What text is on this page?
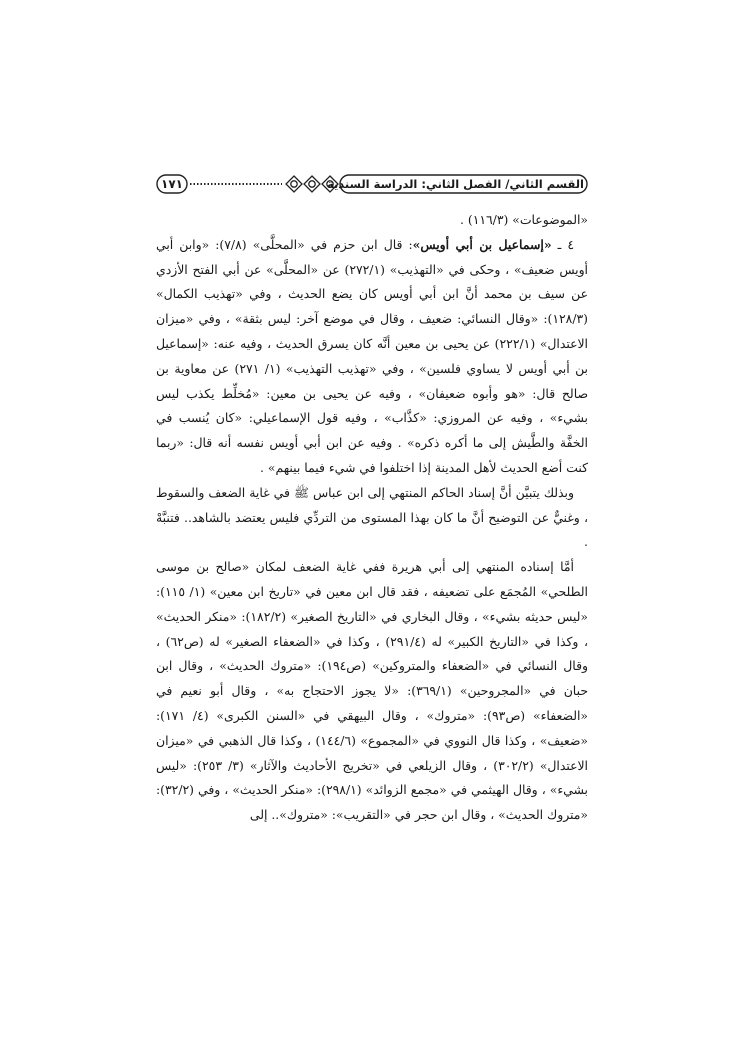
١٧١	القسم الثاني/ الفصل الثاني: الدراسة السندية

«الموضوعات» (١١٦/٣) .

٤ ـ «إسماعيل بن أبي أويس»: قال ابن حزم في «المحلَّى» (٧/٨): «وابن أبي أويس ضعيف» ، وحكى في «التهذيب» (٢٧٢/١) عن «المحلَّى» عن أبي الفتح الأزدي عن سيف بن محمد أنَّ ابن أبي أويس كان يضع الحديث ، وفي «تهذيب الكمال» (١٢٨/٣): «وقال النسائي: ضعيف ، وقال في موضع آخر: ليس بثقة» ، وفي «ميزان الاعتدال» (٢٢٢/١) عن يحيى بن معين أنَّه كان يسرق الحديث ، وفيه عنه: «إسماعيل بن أبي أويس لا يساوي فلسين» ، وفي «تهذيب التهذيب» (١/ ٢٧١) عن معاوية بن صالح قال: «هو وأبوه ضعيفان» ، وفيه عن يحيى بن معين: «مُخلِّط يكذب ليس بشيء» ، وفيه عن المروزي: «كذَّاب» ، وفيه قول الإسماعيلي: «كان يُنسب في الخفَّة والطَّيش إلى ما أكره ذكره» . وفيه عن ابن أبي أويس نفسه أنه قال: «ربما كنت أضع الحديث لأهل المدينة إذا اختلفوا في شيء فيما بينهم» .

وبذلك يتبيَّن أنَّ إسناد الحاكم المنتهي إلى ابن عباس ﷺ في غاية الضعف والسقوط ، وغنيٌّ عن التوضيح أنَّ ما كان بهذا المستوى من التردِّي فليس يعتضد بالشاهد.. فتنبَّهْ .

أمَّا إسناده المنتهي إلى أبي هريرة ففي غاية الضعف لمكان «صالح بن موسى الطلحي» المُجمَع على تضعيفه ، فقد قال ابن معين في «تاريخ ابن معين» (١/ ١١٥): «ليس حديثه بشيء» ، وقال البخاري في «التاريخ الصغير» (١٨٢/٢): «منكر الحديث» ، وكذا في «التاريخ الكبير» له (٢٩١/٤) ، وكذا في «الضعفاء الصغير» له (ص٦٢) ، وقال النسائي في «الضعفاء والمتروكين» (ص١٩٤): «متروك الحديث» ، وقال ابن حبان في «المجروحين» (٣٦٩/١): «لا يجوز الاحتجاج به» ، وقال أبو نعيم في «الضعفاء» (ص٩٣): «متروك» ، وقال البيهقي في «السنن الكبرى» (٤/ ١٧١): «ضعيف» ، وكذا قال النووي في «المجموع» (١٤٤/٦) ، وكذا قال الذهبي في «ميزان الاعتدال» (٣٠٢/٢) ، وقال الزيلعي في «تخريج الأحاديث والآثار» (٣/ ٢٥٣): «ليس بشيء» ، وقال الهيثمي في «مجمع الزوائد» (٢٩٨/١): «منكر الحديث» ، وفي (٣٢/٢): «متروك الحديث» ، وقال ابن حجر في «التقريب»: «متروك».. إلى
